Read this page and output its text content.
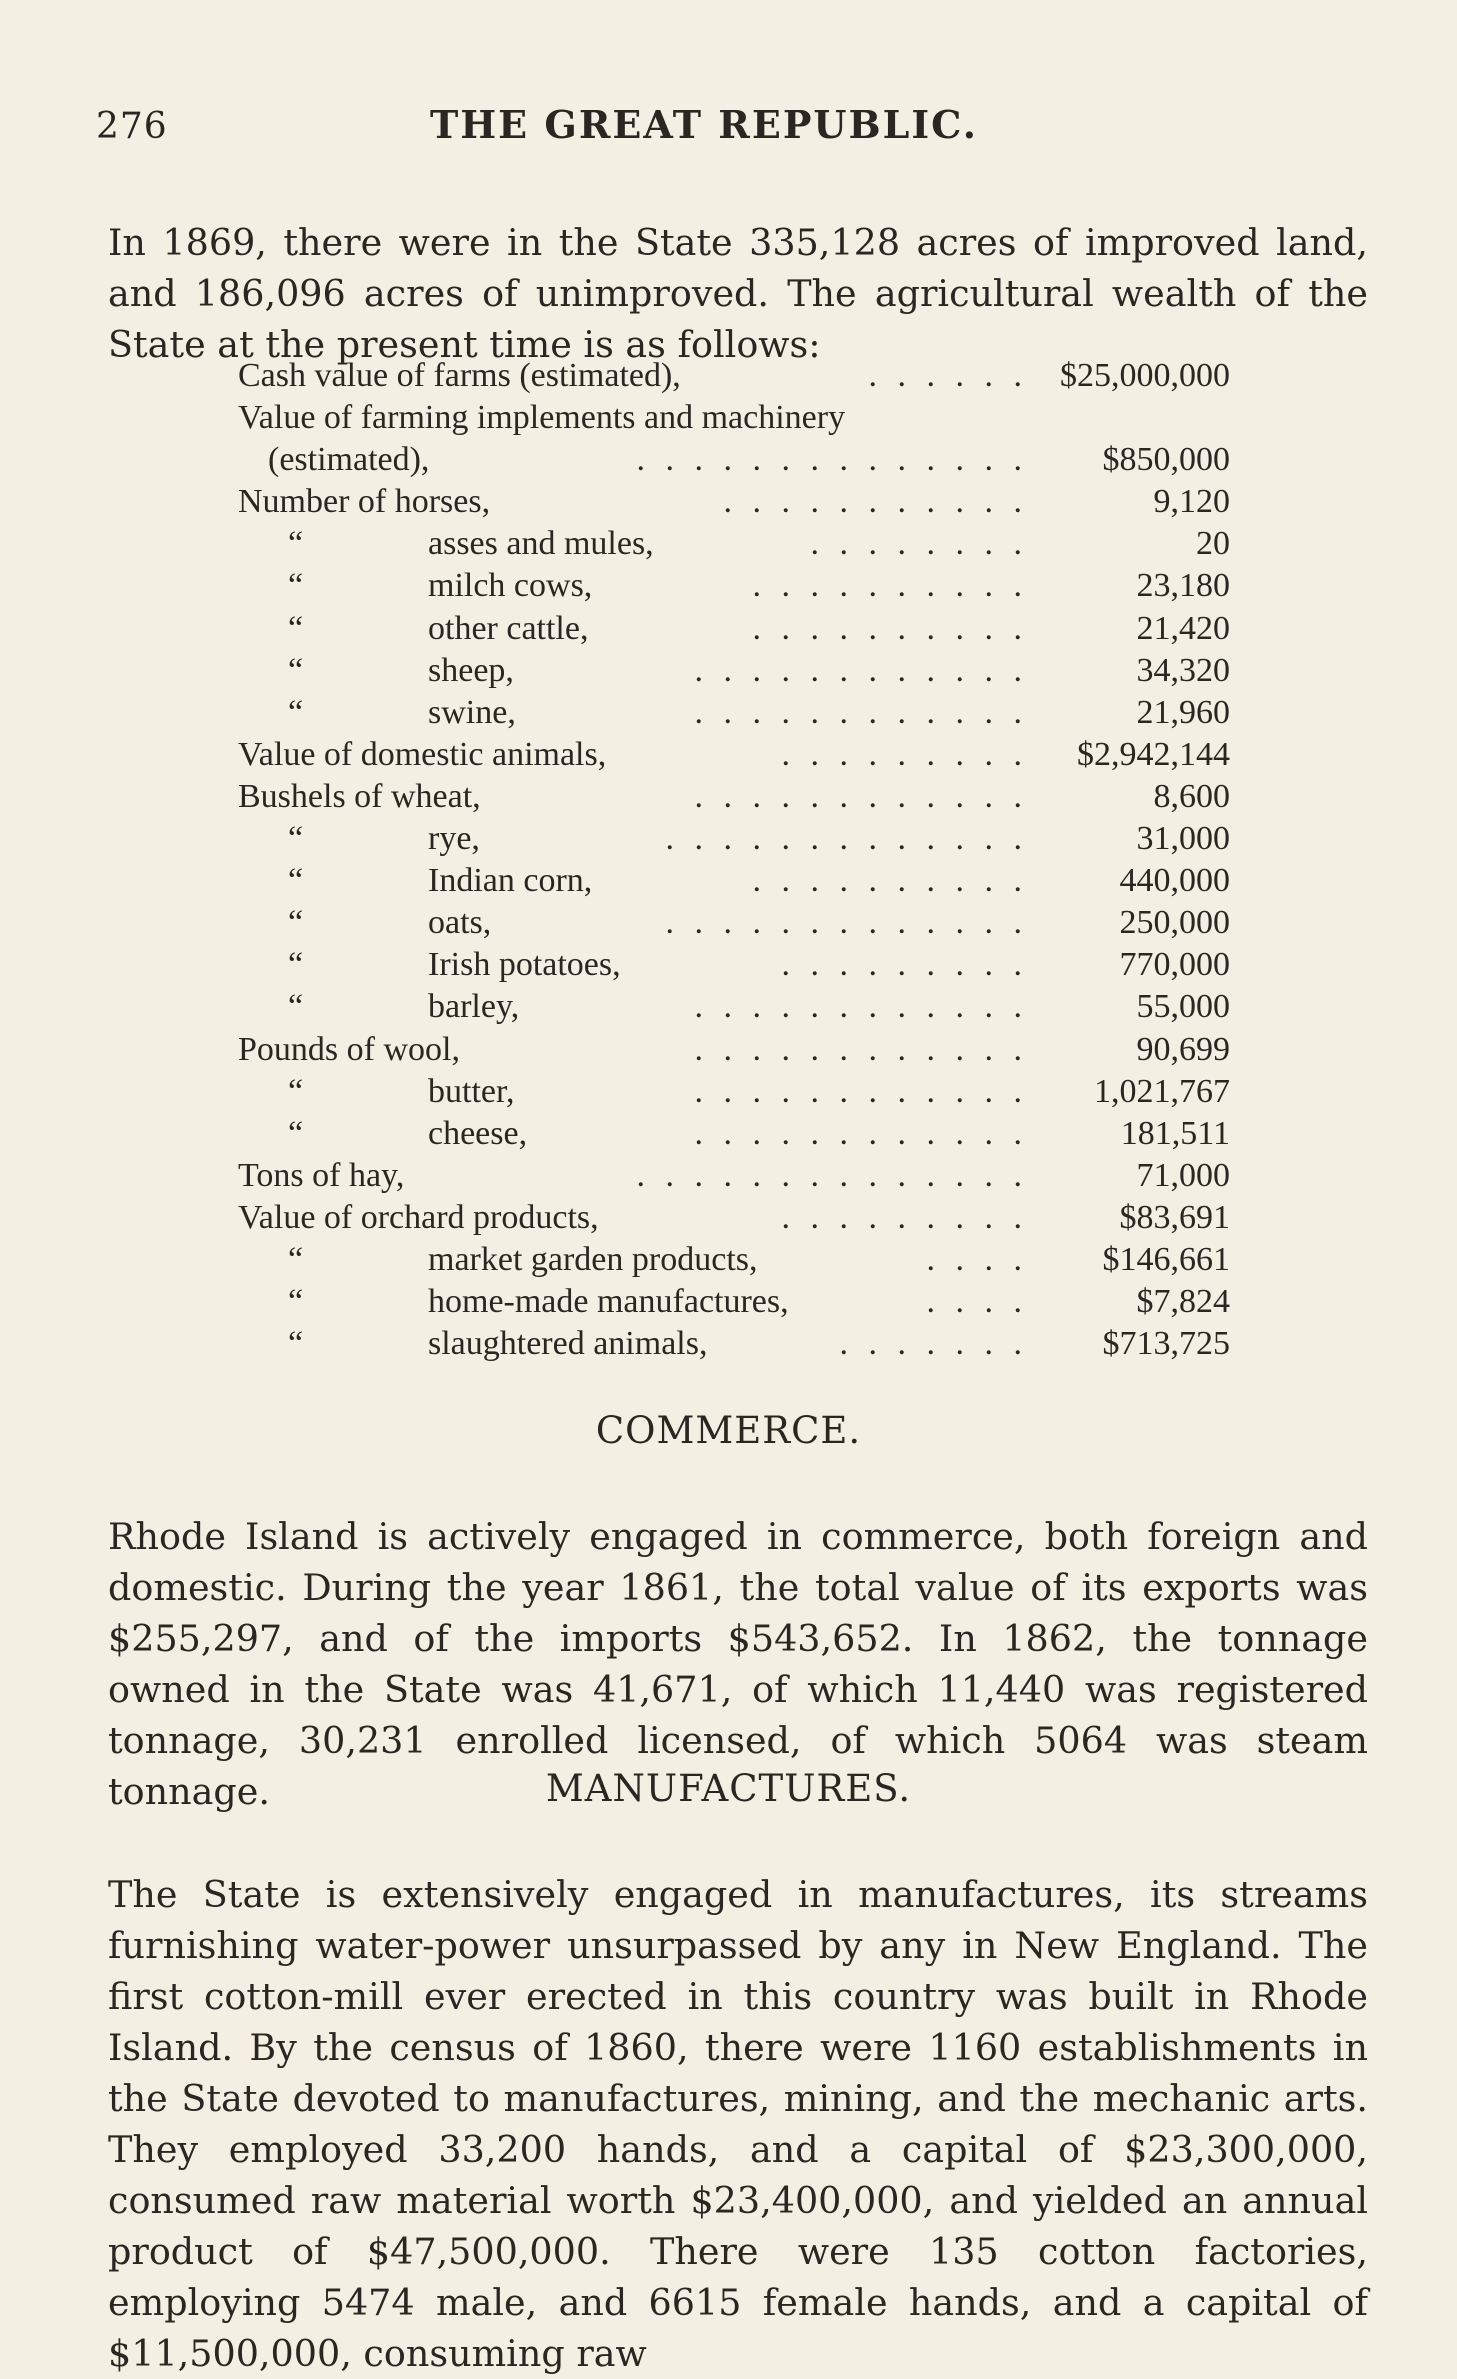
276	THE GREAT REPUBLIC.

In 1869, there were in the State 335,128 acres of improved land, and 186,096 acres of unimproved. The agricultural wealth of the State at the present time is as follows:

Cash value of farms (estimated),	. . . . . . $25,000,000
Value of farming implements and machinery
(estimated),	. . . . . . . . . . . . . . $850,000
Number of horses,	. . . . . . . . . . .	9,120
“	asses and mules,	. . . . . . . .	20
“	milch cows,	. . . . . . . . . .	23,180
“	other cattle,	. . . . . . . . . .	21,420
“	sheep,	. . . . . . . . . . . .	34,320
“	swine,	. . . . . . . . . . . .	21,960
Value of domestic animals,	. . . . . . . . . $2,942,144
Bushels of wheat,	. . . . . . . . . . . .	8,600
“	rye,	. . . . . . . . . . . . .	31,000
“	Indian corn,	. . . . . . . . . .	440,000
“	oats,	. . . . . . . . . . . . .	250,000
“	Irish potatoes,	. . . . . . . . .	770,000
“	barley,	. . . . . . . . . . . .	55,000
Pounds of wool,	. . . . . . . . . . . .	90,699
“	butter,	. . . . . . . . . . . . 1,021,767
“	cheese,	. . . . . . . . . . . .	181,511
Tons of hay,	. . . . . . . . . . . . . .	71,000
Value of orchard products,	. . . . . . . . .	$83,691
“	market garden products,	. . . . $146,661
“	home-made manufactures,	. . . .	$7,824
“	slaughtered animals,	. . . . . . . $713,725
COMMERCE.

Rhode Island is actively engaged in commerce, both foreign and domestic. During the year 1861, the total value of its exports was $255,297, and of the imports $543,652. In 1862, the tonnage owned in the State was 41,671, of which 11,440 was registered tonnage, 30,231 enrolled licensed, of which 5064 was steam tonnage.	MANUFACTURES.

The State is extensively engaged in manufactures, its streams furnishing water-power unsurpassed by any in New England. The first cotton-mill ever erected in this country was built in Rhode Island. By the census of 1860, there were 1160 establishments in the State devoted to manufactures, mining, and the mechanic arts. They employed 33,200 hands, and a capital of $23,300,000, consumed raw material worth $23,400,000, and yielded an annual product of $47,500,000. There were 135 cotton factories, employing 5474 male, and 6615 female hands, and a capital of $11,500,000, consuming raw
